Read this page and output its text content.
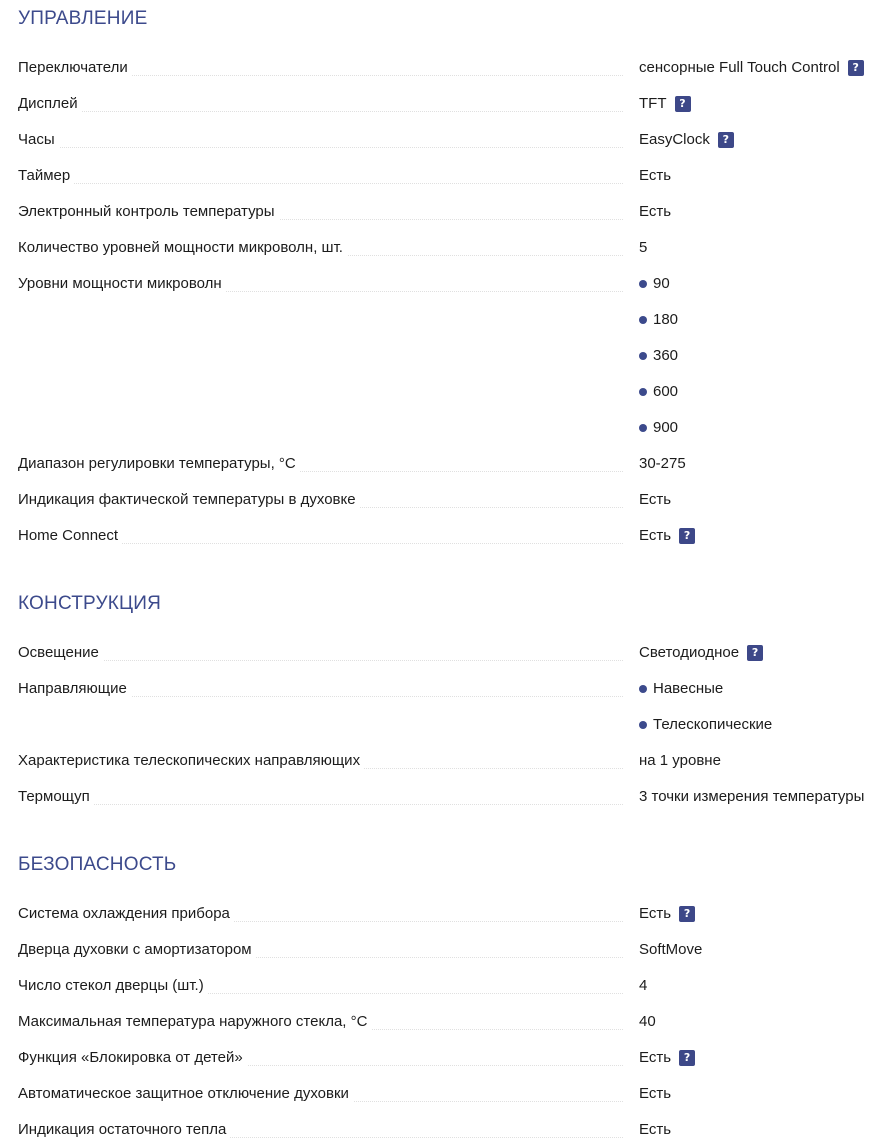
УПРАВЛЕНИЕ
Переключатели	сенсорные Full Touch Control	?
Дисплей	TFT	?
Часы	EasyClock	?
Таймер	Есть
Электронный контроль температуры	Есть
Количество уровней мощности микроволн, шт.	5
Уровни мощности микроволн	90
180
360
600
900
Диапазон регулировки температуры, °C	30-275
Индикация фактической температуры в духовке	Есть
Home Connect	Есть	?
КОНСТРУКЦИЯ
Освещение	Светодиодное	?
Направляющие	Навесные
Телескопические
Характеристика телескопических направляющих	на 1 уровне
Термощуп	3 точки измерения температуры
БЕЗОПАСНОСТЬ
Система охлаждения прибора	Есть	?
Дверца духовки с амортизатором	SoftMove
Число стекол дверцы (шт.)	4
Максимальная температура наружного стекла, °C	40
Функция «Блокировка от детей»	Есть	?
Автоматическое защитное отключение духовки	Есть
Индикация остаточного тепла	Есть
